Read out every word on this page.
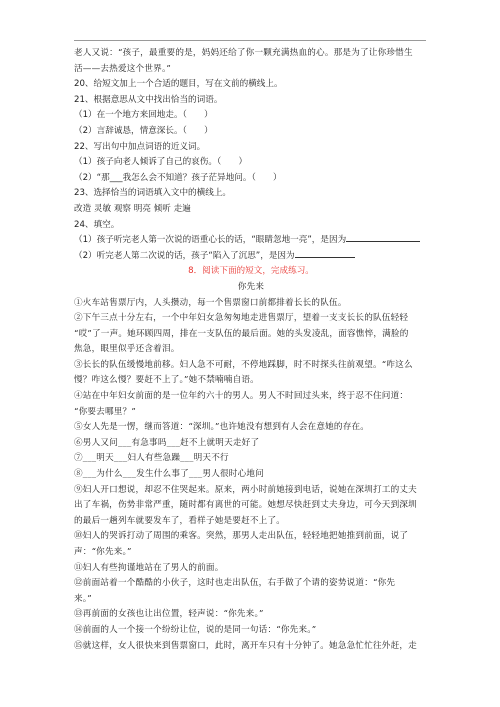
老人又说：“孩子，最重要的是，妈妈还给了你一颗充满热血的心。那是为了让你珍惜生
活——去热爱这个世界。”
20、给短文加上一个合适的题目，写在文前的横线上。
21、根据意思从文中找出恰当的词语。
（1）在一个地方来回地走。（　　）
（2）言辞诚恳，情意深长。（　　）
22、写出句中加点词语的近义词。
（1）孩子向老人倾诉了自己的哀伤。（　　）
（2）“那___我怎么会不知道？孩子茫异地问。（　　）
23、选择恰当的词语填入文中的横线上。
改造 灵敏 观察 明亮 倾听 走遍
24、填空。
（1）孩子听完老人第一次说的语重心长的话，“眼睛忽地一亮”，是因为
（2）听完老人第二次说的话，孩子“陷入了沉思”，是因为
8．阅读下面的短文，完成练习。
你先来
①火车站售票厅内，人头攒动，每一个售票窗口前都排着长长的队伍。
②下午三点十分左右，一个中年妇女急匆匆地走进售票厅，望着一支支长长的队伍轻轻
“哎”了一声。她环顾四周，排在一支队伍的最后面。她的头发凌乱，面容憔悴，满脸的
焦急，眼里似乎还含着泪。
③长长的队伍缓慢地前移。妇人急不可耐，不停地踩脚，时不时探头往前观望。“咋这么
慢？咋这么慢？要赶不上了。”她不禁喃喃自语。
④站在中年妇女前面的是一位年约六十的男人。男人不时回过头来，终于忍不住问道：
“你要去哪里？”
⑤女人先是一愣，继而答道：“深圳。”也许她没有想到有人会在意她的存在。
⑥男人又问___有急事吗___赶不上就明天走好了
⑦___明天___妇人有些急躁___明天不行
⑧___为什么___发生什么事了___男人很时心地问
⑨妇人开口想说，却忍不住哭起来。原来，两小时前她接到电话，说她在深圳打工的丈夫
出了车祸，伤势非常严重，随时都有离世的可能。她想尽快赶到丈夫身边，可今天到深圳
的最后一趟列车就要发车了，看样子她是要赶不上了。
⑩妇人的哭诉打动了周围的乘客。突然，那男人走出队伍，轻轻地把她推到前面，说了
声：“你先来。”
⑪妇人有些拘谨地站在了男人的前面。
⑫前面站着一个酷酷的小伙子，这时也走出队伍，右手做了个请的姿势说道：“你先
来。”
⑬再前面的女孩也让出位置，轻声说：“你先来。”
⑭前面的人一个接一个纷纷让位，说的是同一句话：“你先来。”
⑮就这样，女人很快来到售票窗口，此时，离开车只有十分钟了。她急急忙忙往外赶，走
